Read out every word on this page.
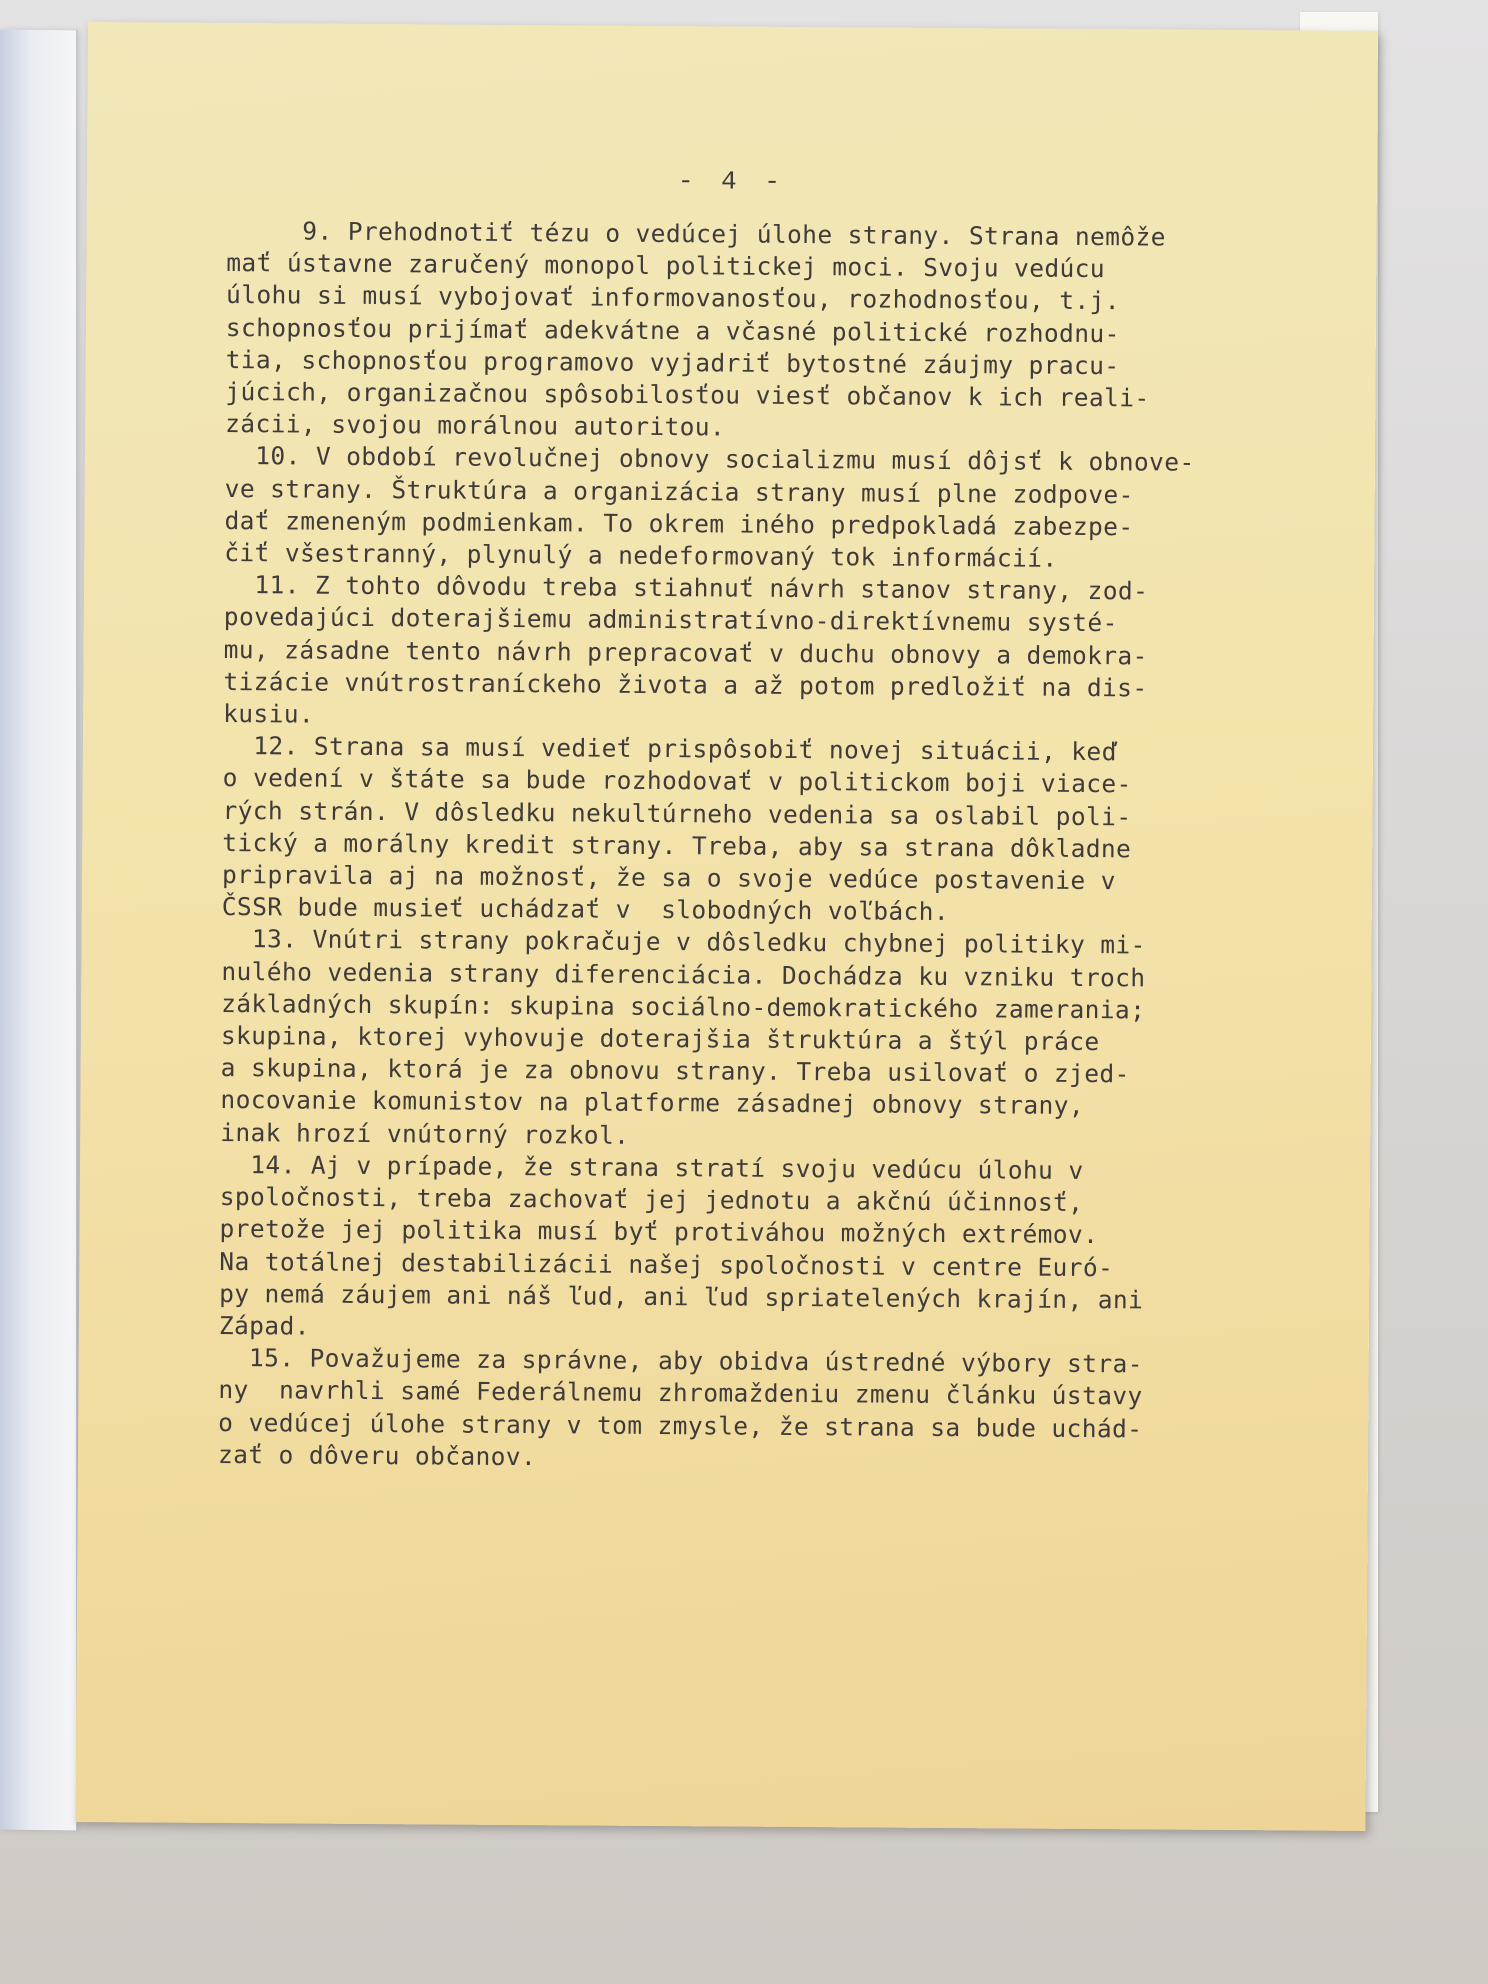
- 4 -
9. Prehodnotiť tézu o vedúcej úlohe strany. Strana nemôže
mať ústavne zaručený monopol politickej moci. Svoju vedúcu
úlohu si musí vybojovať informovanosťou, rozhodnosťou, t.j.
schopnosťou prijímať adekvátne a včasné politické rozhodnu-
tia, schopnosťou programovo vyjadriť bytostné záujmy pracu-
júcich, organizačnou spôsobilosťou viesť občanov k ich reali-
zácii, svojou morálnou autoritou.
10. V období revolučnej obnovy socializmu musí dôjsť k obnove-
ve strany. Štruktúra a organizácia strany musí plne zodpove-
dať zmeneným podmienkam. To okrem iného predpokladá zabezpe-
čiť všestranný, plynulý a nedeformovaný tok informácií.
11. Z tohto dôvodu treba stiahnuť návrh stanov strany, zod-
povedajúci doterajšiemu administratívno-direktívnemu systé-
mu, zásadne tento návrh prepracovať v duchu obnovy a demokra-
tizácie vnútrostraníckeho života a až potom predložiť na dis-
kusiu.
12. Strana sa musí vedieť prispôsobiť novej situácii, keď
o vedení v štáte sa bude rozhodovať v politickom boji viace-
rých strán. V dôsledku nekultúrneho vedenia sa oslabil poli-
tický a morálny kredit strany. Treba, aby sa strana dôkladne
pripravila aj na možnosť, že sa o svoje vedúce postavenie v
ČSSR bude musieť uchádzať v  slobodných voľbách.
13. Vnútri strany pokračuje v dôsledku chybnej politiky mi-
nulého vedenia strany diferenciácia. Dochádza ku vzniku troch
základných skupín: skupina sociálno-demokratického zamerania;
skupina, ktorej vyhovuje doterajšia štruktúra a štýl práce
a skupina, ktorá je za obnovu strany. Treba usilovať o zjed-
nocovanie komunistov na platforme zásadnej obnovy strany,
inak hrozí vnútorný rozkol.
14. Aj v prípade, že strana stratí svoju vedúcu úlohu v
spoločnosti, treba zachovať jej jednotu a akčnú účinnosť,
pretože jej politika musí byť protiváhou možných extrémov.
Na totálnej destabilizácii našej spoločnosti v centre Euró-
py nemá záujem ani náš ľud, ani ľud spriatelených krajín, ani
Západ.
15. Považujeme za správne, aby obidva ústredné výbory stra-
ny  navrhli samé Federálnemu zhromaždeniu zmenu článku ústavy
o vedúcej úlohe strany v tom zmysle, že strana sa bude uchád-
zať o dôveru občanov.
